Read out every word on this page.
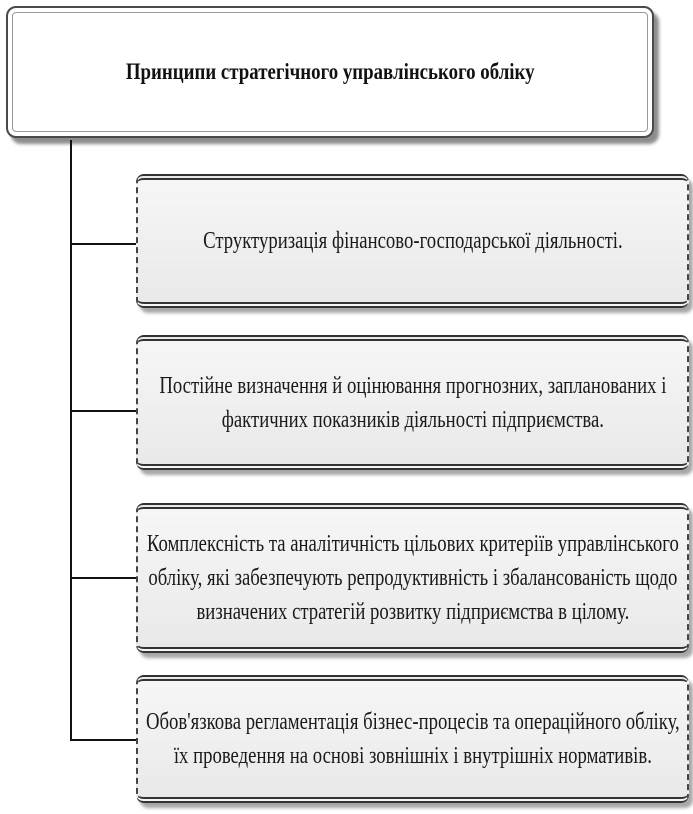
Принципи стратегічного управлінського обліку
Структуризація фінансово-господарської діяльності.
Постійне визначення й оцінювання прогнозних, запланованих і фактичних показників діяльності підприємства.
Комплексність та аналітичність цільових критеріїв управлінського обліку, які забезпечують репродуктивність і збалансованість щодо визначених стратегій розвитку підприємства в цілому.
Обов'язкова регламентація бізнес-процесів та операційного обліку, їх проведення на основі зовнішніх і внутрішніх нормативів.
